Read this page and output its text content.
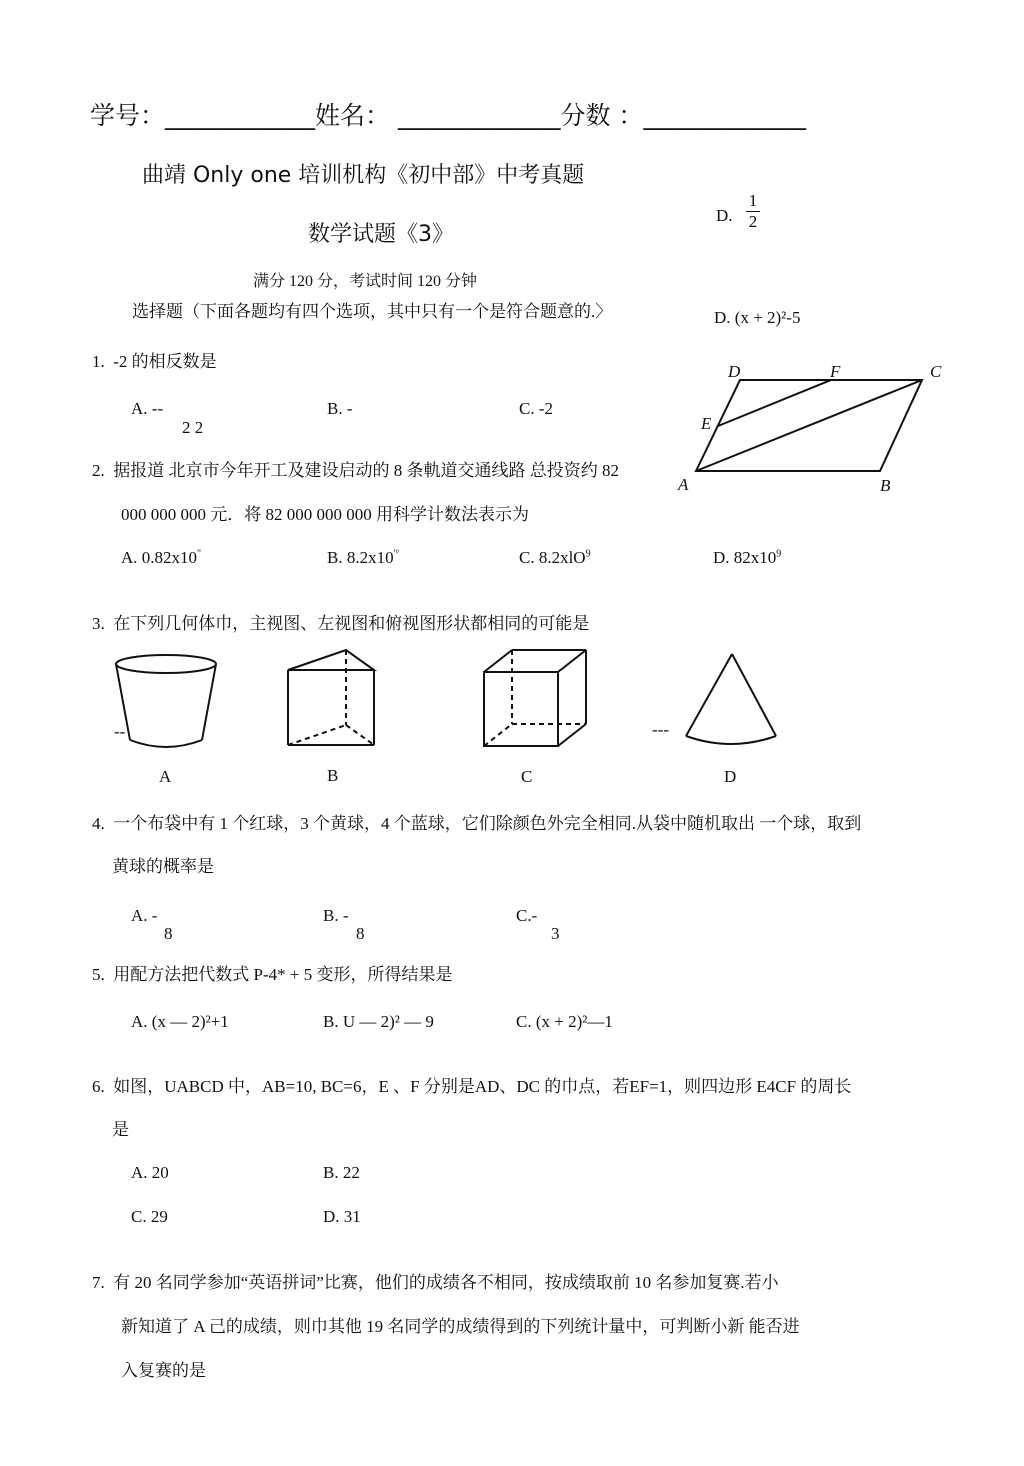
学号：____________姓名： _____________分数 ：_____________
曲靖 Only one 培训机构《初中部》中考真题
数学试题《3》
D.
1
2
满分 120 分，考试时间 120 分钟
选择题（下面各题均有四个选项，其中只有一个是符合题意的.〉	D. (x + 2)²-5
A	B
C
D
E
F
1. -2 的相反数是
A. --
2 2
B. -	C. -2
2. 据报道 北京市今年开工及建设启动的 8 条軌道交通线路 总投资约 82
000 000 000 元．将 82 000 000 000 用科学计数法表示为
A. 0.82x10"	B. 8.2x10'°	C. 8.2xlO$^9$	D. $82x10^9$
3. 在下列几何体巾，主视图、左视图和俯视图形状都相同的可能是
--	---
A	B	C	D
4. 一个布袋中有 1 个红球，3 个黄球，4 个蓝球，它们除颜色外完全相同.从袋中随机取出 一个球，取到
黄球的概率是
A. -
8
B. -
8
C.-
3
5. 用配方法把代数式 P-4* + 5 变形，所得结果是
A. (x — 2)²+1	B. U — 2)² — 9	C. (x + 2)²—1
6. 如图，UABCD 中，AB=10, BC=6，E 、F 分别是AD、DC 的巾点，若EF=1，则四边形 E4CF 的周长
是
A. 20	B. 22
C. 29	D. 31
7. 有 20 名同学参加“英语拼词”比赛，他们的成绩各不相同，按成绩取前 10 名参加复赛.若小
新知道了 A 己的成绩，则巾其他 19 名同学的成绩得到的下列统计量中，可判断小新 能否进
入复赛的是
